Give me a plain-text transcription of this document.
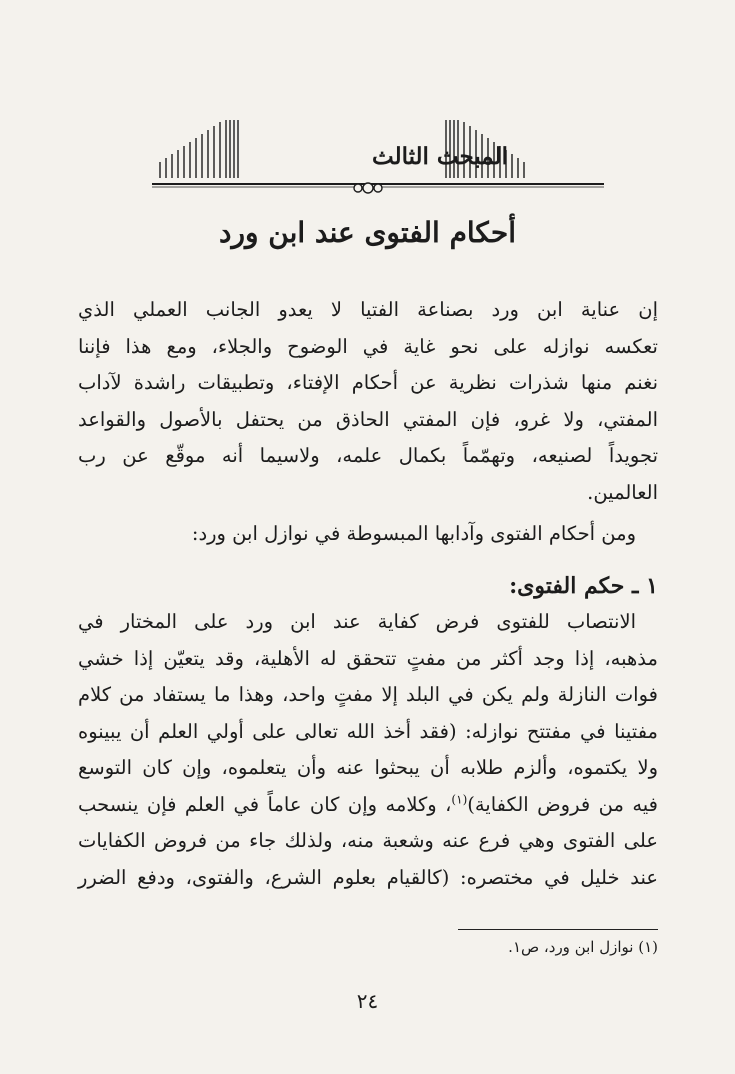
المبحث الثالث
أحكام الفتوى عند ابن ورد
إن عناية ابن ورد بصناعة الفتيا لا يعدو الجانب العملي الذي
تعكسه نوازله على نحو غاية في الوضوح والجلاء، ومع هذا فإننا
نغنم منها شذرات نظرية عن أحكام الإفتاء، وتطبيقات راشدة لآداب
المفتي، ولا غرو، فإن المفتي الحاذق من يحتفل بالأصول والقواعد
تجويداً لصنيعه، وتهمّماً بكمال علمه، ولاسيما أنه موقّع عن رب
العالمين.
ومن أحكام الفتوى وآدابها المبسوطة في نوازل ابن ورد:
١ ـ حكم الفتوى:
الانتصاب للفتوى فرض كفاية عند ابن ورد على المختار في
مذهبه، إذا وجد أكثر من مفتٍ تتحقق له الأهلية، وقد يتعيّن إذا خشي
فوات النازلة ولم يكن في البلد إلا مفتٍ واحد، وهذا ما يستفاد من كلام
مفتينا في مفتتح نوازله: (فقد أخذ الله تعالى على أولي العلم أن يبينوه
ولا يكتموه، وألزم طلابه أن يبحثوا عنه وأن يتعلموه، وإن كان التوسع
فيه من فروض الكفاية)$^{(١)}$، وكلامه وإن كان عاماً في العلم فإن ينسحب
على الفتوى وهي فرع عنه وشعبة منه، ولذلك جاء من فروض الكفايات
عند خليل في مختصره: (كالقيام بعلوم الشرع، والفتوى، ودفع الضرر
(١) نوازل ابن ورد، ص١.
٢٤
